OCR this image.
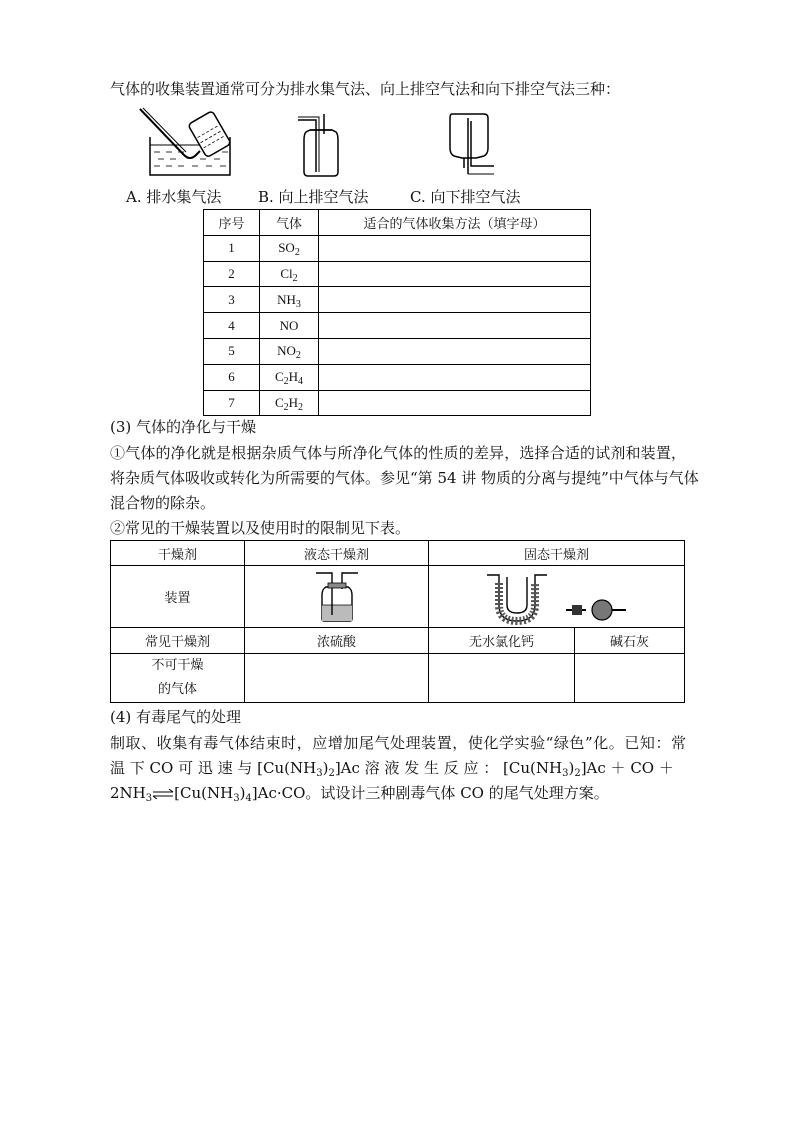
气体的收集装置通常可分为排水集气法、向上排空气法和向下排空气法三种：
A. 排水集气法 B. 向上排空气法	C. 向下排空气法
序号	气体	适合的气体收集方法（填字母）
1	$SO_2$	
2	$Cl_2$	
3	$NH_3$	
4	NO	
5	$NO_2$	
6	$C_2H_4$	
7	$C_2H_2$	
(3) 气体的净化与干燥
①气体的净化就是根据杂质气体与所净化气体的性质的差异，选择合适的试剂和装置，
将杂质气体吸收或转化为所需要的气体。参见“第 54 讲 物质的分离与提纯”中气体与气体
混合物的除杂。
②常见的干燥装置以及使用时的限制见下表。
干燥剂	液态干燥剂	固态干燥剂	
装置		
常见干燥剂	浓硫酸	无水氯化钙	碱石灰
不可干燥
的气体			
(4) 有毒尾气的处理
制取、收集有毒气体结束时，应增加尾气处理装置，使化学实验“绿色”化。已知：常
温 下 CO 可 迅 速 与 $[Cu(NH_3)_2]Ac$ 溶 液 发 生 反 应 ： $[Cu(NH_3)_2]Ac$ ＋ CO ＋
$2NH_3\rightleftharpoons[Cu(NH_3)_4]Ac\cdot CO$。试设计三种剧毒气体 CO 的尾气处理方案。
